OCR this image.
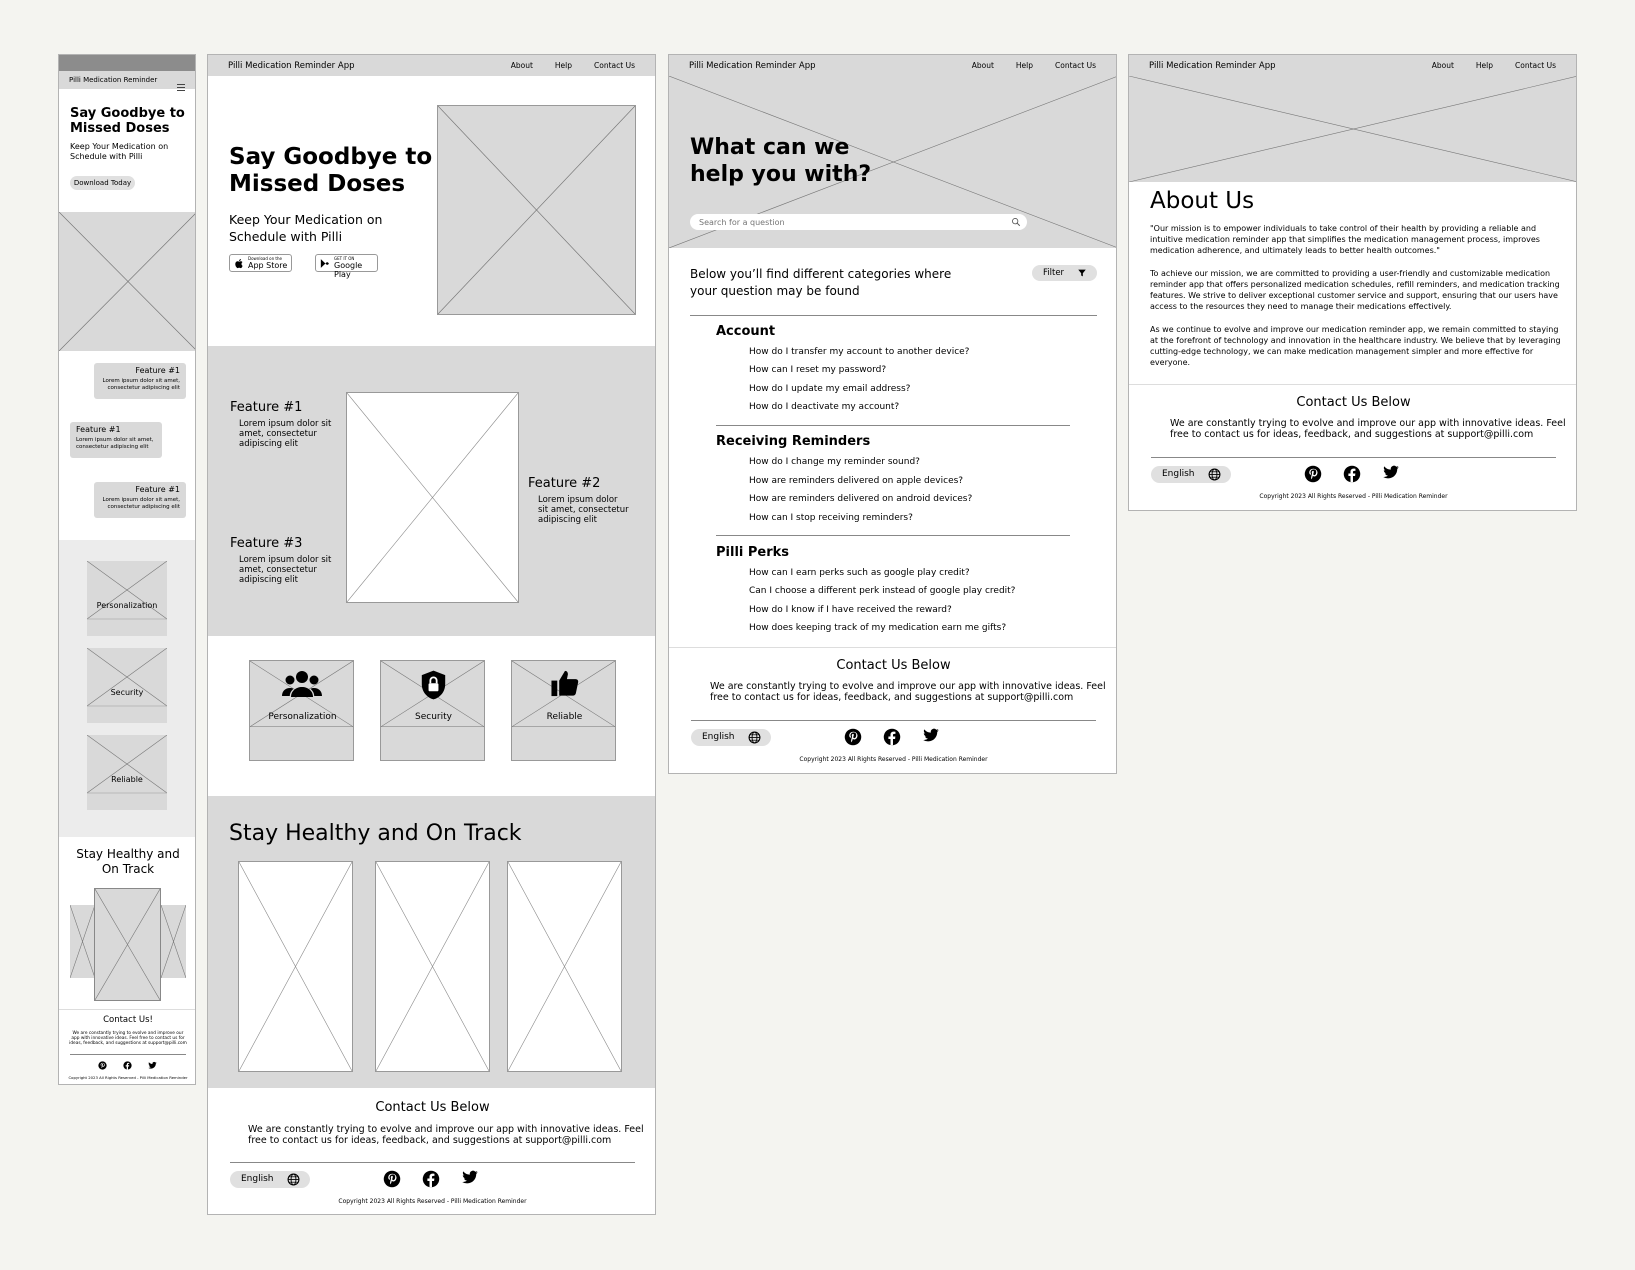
Pilli Medication Reminder
Say Goodbye to
Missed Doses
Keep Your Medication on
Schedule with Pilli
Download Today
Feature #1
Lorem ipsum dolor sit amet,
consectetur adipiscing elit
Feature #1
Lorem ipsum dolor sit amet,
consectetur adipiscing elit
Feature #1
Lorem ipsum dolor sit amet,
consectetur adipiscing elit
Personalization
Security
Reliable
Stay Healthy and
On Track
Contact Us!
We are constantly trying to evolve and improve our
app with innovative ideas. Feel free to contact us for
ideas, feedback, and suggestions at support@pilli.com
Copyright 2023 All Rights Reserved - Pilli Medication Reminder
Pilli Medication Reminder App	About	Help	Contact Us
Say Goodbye to
Missed Doses
Keep Your Medication on
Schedule with Pilli
Download on the
App Store
GET IT ON
Google Play
Feature #1
Lorem ipsum dolor sit
amet, consectetur
adipiscing elit
Feature #3
Lorem ipsum dolor sit
amet, consectetur
adipiscing elit
Feature #2
Lorem ipsum dolor
sit amet, consectetur
adipiscing elit
Personalization	Security	Reliable
Stay Healthy and On Track
Contact Us Below
We are constantly trying to evolve and improve our app with innovative ideas. Feel
free to contact us for ideas, feedback, and suggestions at support@pilli.com
English
Copyright 2023 All Rights Reserved - Pilli Medication Reminder
Pilli Medication Reminder App	About	Help	Contact Us
What can we
help you with?
Search for a question
Below you’ll find different categories where
your question may be found
Filter
Account
How do I transfer my account to another device?
How can I reset my password?
How do I update my email address?
How do I deactivate my account?
Receiving Reminders
How do I change my reminder sound?
How are reminders delivered on apple devices?
How are reminders delivered on android devices?
How can I stop receiving reminders?
Pilli Perks
How can I earn perks such as google play credit?
Can I choose a different perk instead of google play credit?
How do I know if I have received the reward?
How does keeping track of my medication earn me gifts?
Contact Us Below
We are constantly trying to evolve and improve our app with innovative ideas. Feel
free to contact us for ideas, feedback, and suggestions at support@pilli.com
English
Copyright 2023 All Rights Reserved - Pilli Medication Reminder
Pilli Medication Reminder App	About	Help	Contact Us
About Us
"Our mission is to empower individuals to take control of their health by providing a reliable and
intuitive medication reminder app that simplifies the medication management process, improves
medication adherence, and ultimately leads to better health outcomes."
To achieve our mission, we are committed to providing a user-friendly and customizable medication
reminder app that offers personalized medication schedules, refill reminders, and medication tracking
features. We strive to deliver exceptional customer service and support, ensuring that our users have
access to the resources they need to manage their medications effectively.
As we continue to evolve and improve our medication reminder app, we remain committed to staying
at the forefront of technology and innovation in the healthcare industry. We believe that by leveraging
cutting-edge technology, we can make medication management simpler and more effective for
everyone.
Contact Us Below
We are constantly trying to evolve and improve our app with innovative ideas. Feel
free to contact us for ideas, feedback, and suggestions at support@pilli.com
English
Copyright 2023 All Rights Reserved - Pilli Medication Reminder
